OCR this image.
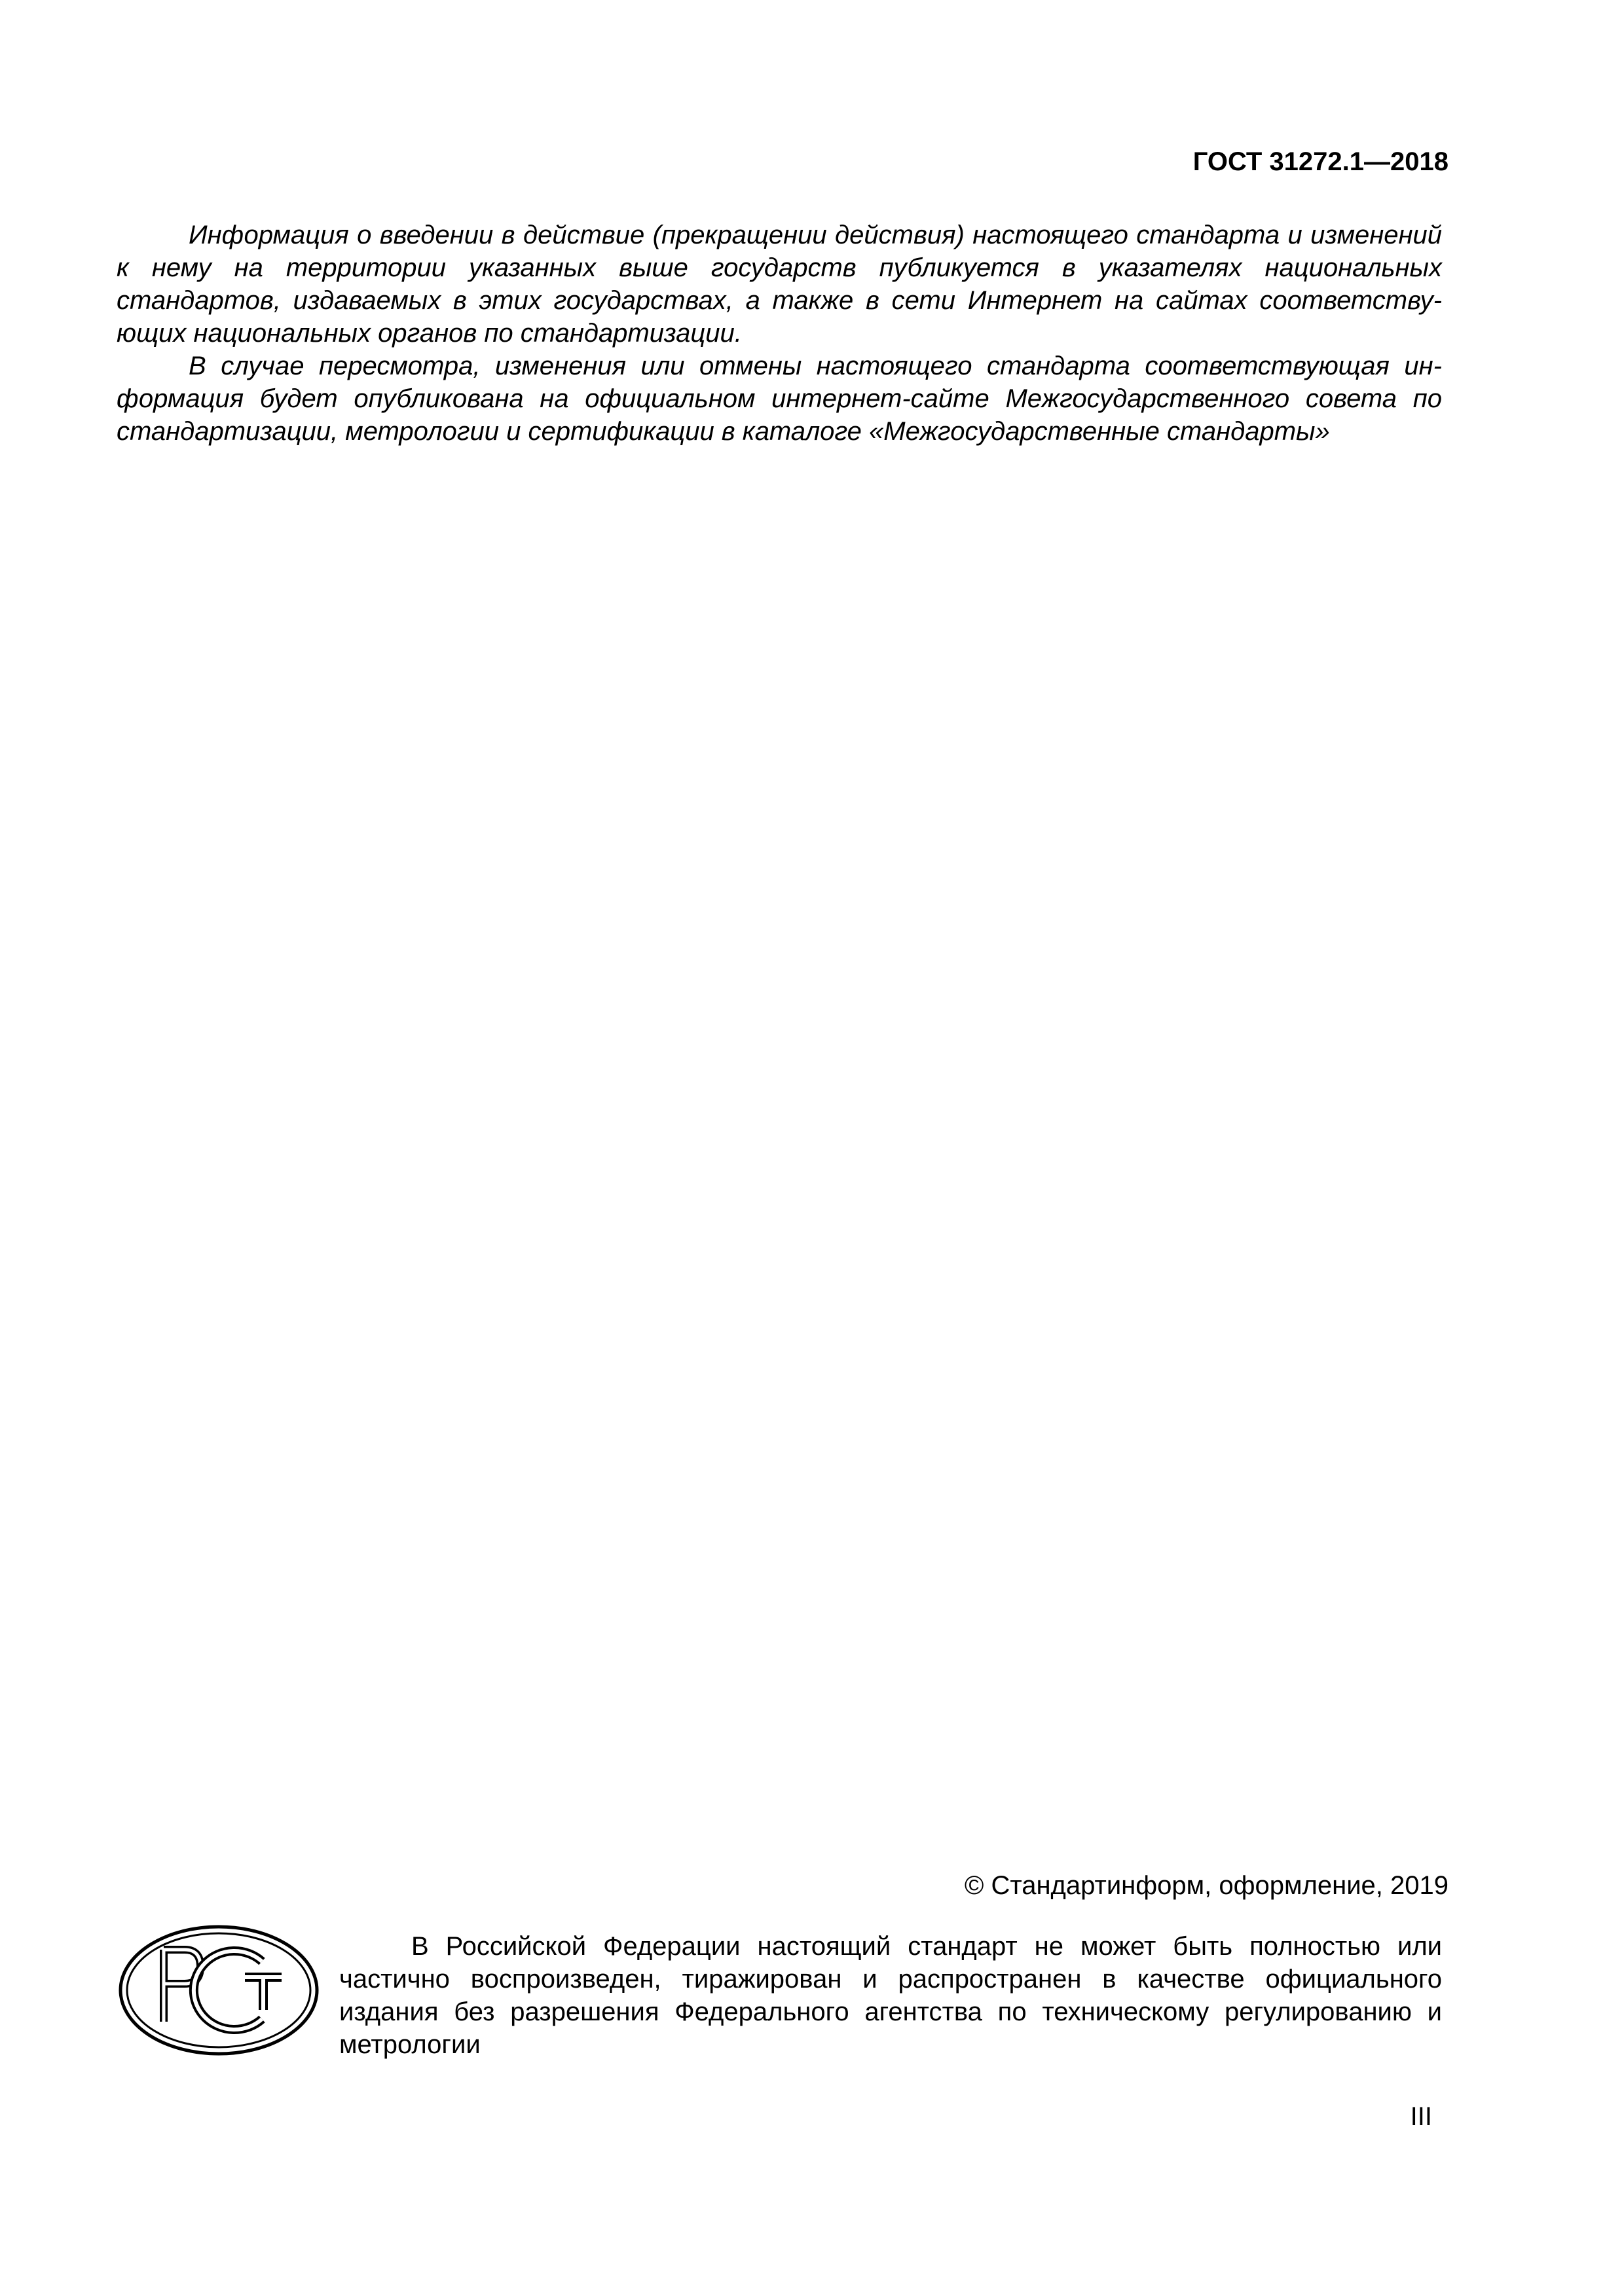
ГОСТ 31272.1—2018

Информация о введении в действие (прекращении действия) настоящего стандарта и изменений к нему на территории указанных выше государств публикуется в указателях национальных стандартов, издаваемых в этих государствах, а также в сети Интернет на сайтах соответствующих национальных органов по стандартизации.

В случае пересмотра, изменения или отмены настоящего стандарта соответствующая информация будет опубликована на официальном интернет-сайте Межгосударственного совета по стандартизации, метрологии и сертификации в каталоге «Межгосударственные стандарты»

© Стандартинформ, оформление, 2019

В Российской Федерации настоящий стандарт не может быть полностью или частично воспроизведен, тиражирован и распространен в качестве официального издания без разрешения Федерального агентства по техническому регулированию и метрологии

III
